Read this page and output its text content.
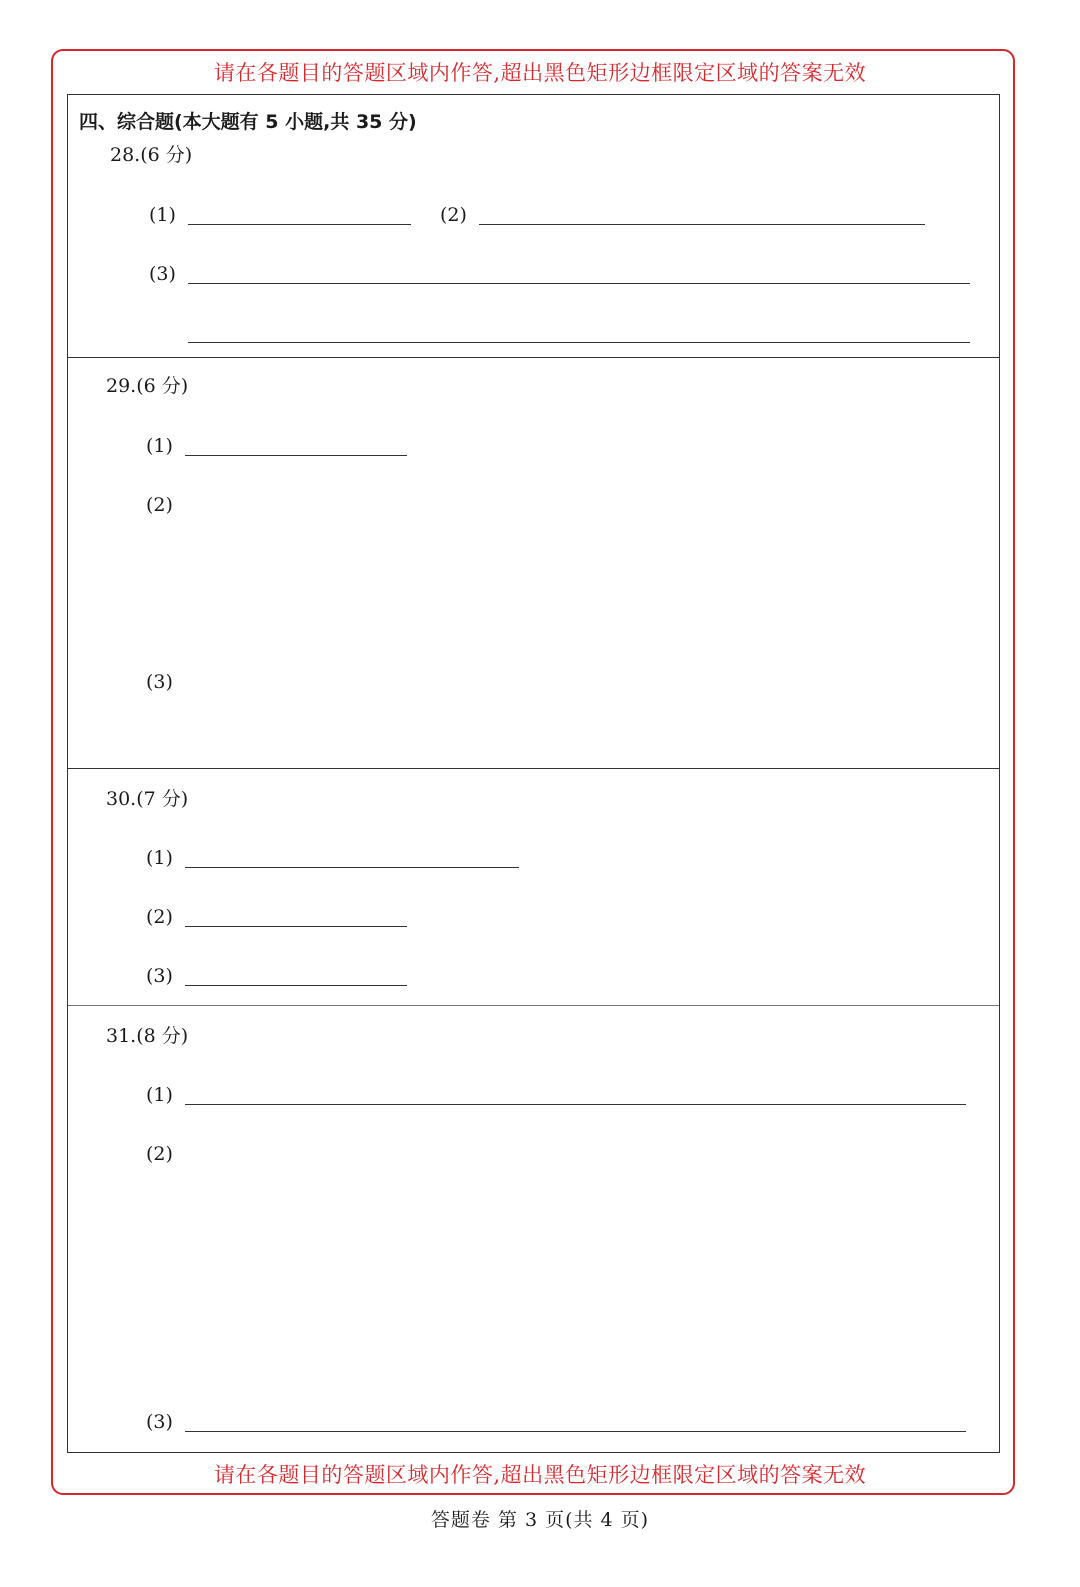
请在各题目的答题区域内作答,超出黑色矩形边框限定区域的答案无效
四、综合题(本大题有 5 小题,共 35 分)
28.(6 分)
(1)	(2)
(3)
29.(6 分)
(1)
(2)
(3)
30.(7 分)
(1)
(2)
(3)
31.(8 分)
(1)
(2)
(3)
请在各题目的答题区域内作答,超出黑色矩形边框限定区域的答案无效
答题卷 第 3 页(共 4 页)
